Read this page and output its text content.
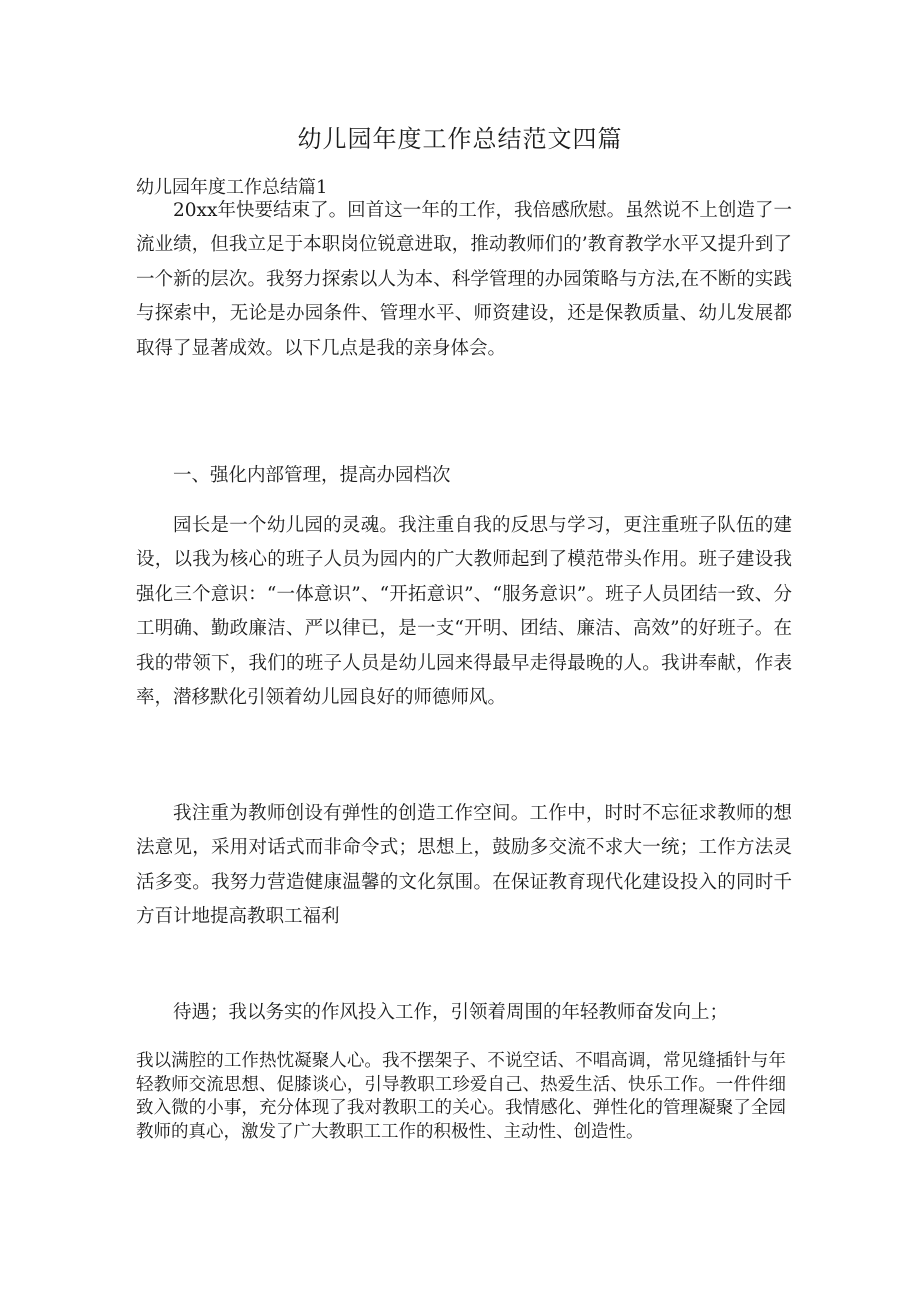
幼儿园年度工作总结范文四篇
幼儿园年度工作总结篇1

20xx年快要结束了。回首这一年的工作，我倍感欣慰。虽然说不上创造了一流业绩，但我立足于本职岗位锐意进取，推动教师们的’教育教学水平又提升到了一个新的层次。我努力探索以人为本、科学管理的办园策略与方法,在不断的实践与探索中，无论是办园条件、管理水平、师资建设，还是保教质量、幼儿发展都取得了显著成效。以下几点是我的亲身体会。

一、强化内部管理，提高办园档次

园长是一个幼儿园的灵魂。我注重自我的反思与学习，更注重班子队伍的建设，以我为核心的班子人员为园内的广大教师起到了模范带头作用。班子建设我强化三个意识：“一体意识”、“开拓意识”、“服务意识”。班子人员团结一致、分工明确、勤政廉洁、严以律已，是一支“开明、团结、廉洁、高效”的好班子。在我的带领下，我们的班子人员是幼儿园来得最早走得最晚的人。我讲奉献，作表率，潜移默化引领着幼儿园良好的师德师风。

我注重为教师创设有弹性的创造工作空间。工作中，时时不忘征求教师的想法意见，采用对话式而非命令式；思想上，鼓励多交流不求大一统；工作方法灵活多变。我努力营造健康温馨的文化氛围。在保证教育现代化建设投入的同时千方百计地提高教职工福利

待遇；我以务实的作风投入工作，引领着周围的年轻教师奋发向上；

我以满腔的工作热忱凝聚人心。我不摆架子、不说空话、不唱高调，常见缝插针与年轻教师交流思想、促膝谈心，引导教职工珍爱自己、热爱生活、快乐工作。一件件细致入微的小事，充分体现了我对教职工的关心。我情感化、弹性化的管理凝聚了全园教师的真心，激发了广大教职工工作的积极性、主动性、创造性。
